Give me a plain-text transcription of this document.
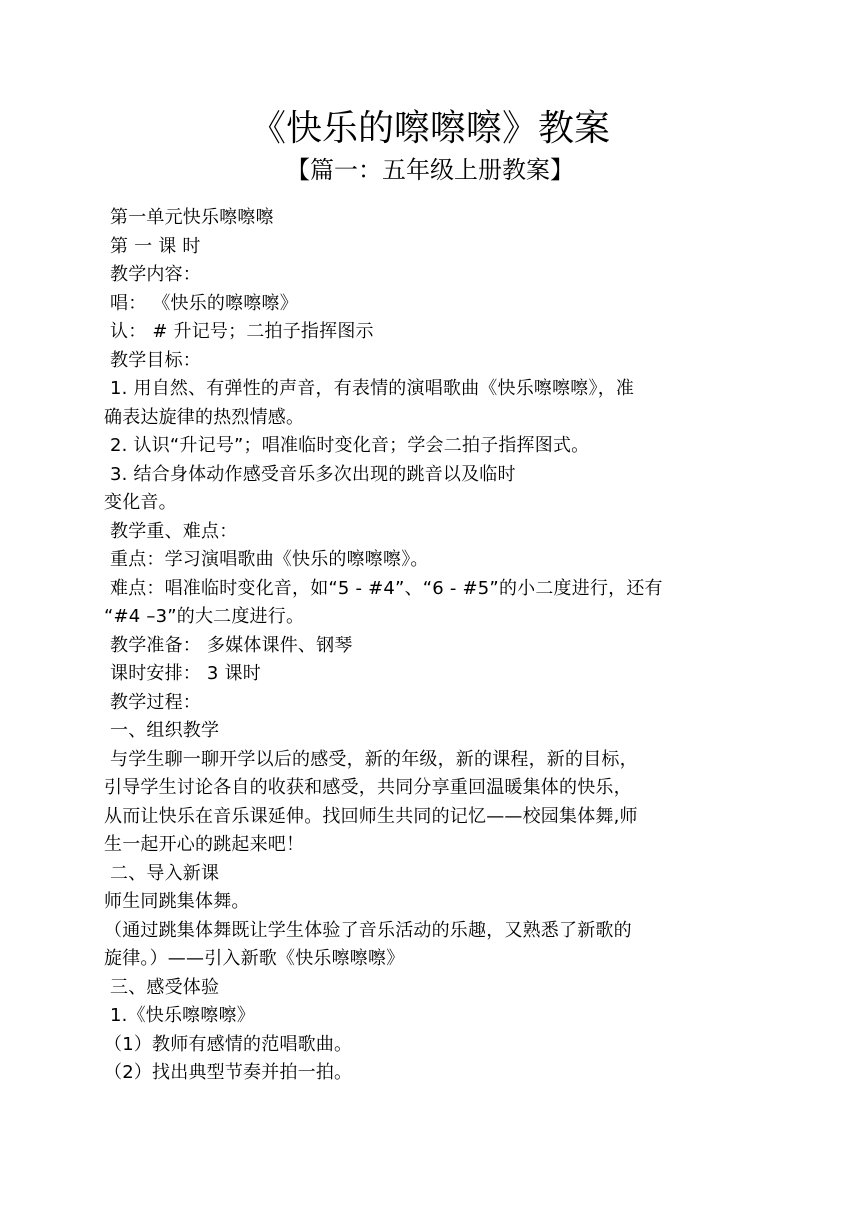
《快乐的嚓嚓嚓》教案
【篇一：五年级上册教案】
第一单元快乐嚓嚓嚓
第 一 课 时
教学内容：
唱： 《快乐的嚓嚓嚓》
认： # 升记号；二拍子指挥图示
教学目标：
1. 用自然、有弹性的声音，有表情的演唱歌曲《快乐嚓嚓嚓》，准
确表达旋律的热烈情感。
2. 认识“升记号”；唱准临时变化音；学会二拍子指挥图式。
3. 结合身体动作感受音乐多次出现的跳音以及临时
变化音。
教学重、难点：
重点：学习演唱歌曲《快乐的嚓嚓嚓》。
难点：唱准临时变化音，如“5 - #4”、“6 - #5”的小二度进行，还有
“#4 –3”的大二度进行。
教学准备： 多媒体课件、钢琴
课时安排： 3 课时
教学过程：
一、组织教学
与学生聊一聊开学以后的感受，新的年级，新的课程，新的目标，
引导学生讨论各自的收获和感受，共同分享重回温暖集体的快乐，
从而让快乐在音乐课延伸。找回师生共同的记忆——校园集体舞,师
生一起开心的跳起来吧！
二、导入新课
师生同跳集体舞。
（通过跳集体舞既让学生体验了音乐活动的乐趣，又熟悉了新歌的
旋律。）——引入新歌《快乐嚓嚓嚓》
三、感受体验
1.《快乐嚓嚓嚓》
（1）教师有感情的范唱歌曲。
（2）找出典型节奏并拍一拍。
